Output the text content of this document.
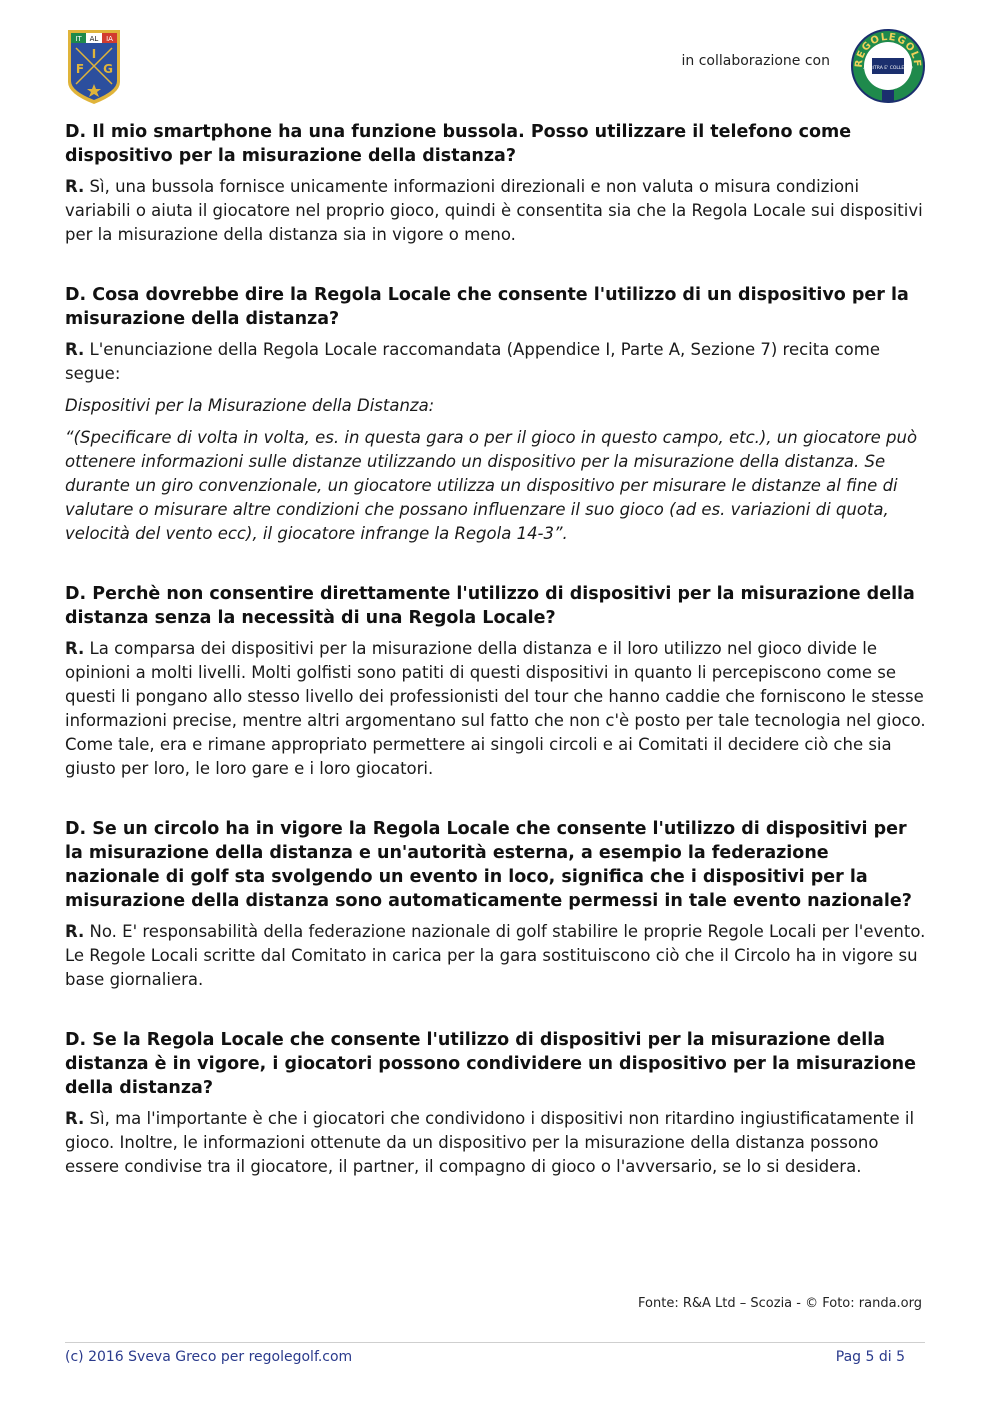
IT AL IA
I
F G	in collaborazione con REGOLEGOLF
ARBITRA E' COLLEGIO

D. Il mio smartphone ha una funzione bussola. Posso utilizzare il telefono come dispositivo per la misurazione della distanza?

R. Sì, una bussola fornisce unicamente informazioni direzionali e non valuta o misura condizioni variabili o aiuta il giocatore nel proprio gioco, quindi è consentita sia che la Regola Locale sui dispositivi per la misurazione della distanza sia in vigore o meno.

D. Cosa dovrebbe dire la Regola Locale che consente l'utilizzo di un dispositivo per la misurazione della distanza?

R. L'enunciazione della Regola Locale raccomandata (Appendice I, Parte A, Sezione 7) recita come segue:

Dispositivi per la Misurazione della Distanza:

“(Specificare di volta in volta, es. in questa gara o per il gioco in questo campo, etc.), un giocatore può ottenere informazioni sulle distanze utilizzando un dispositivo per la misurazione della distanza. Se durante un giro convenzionale, un giocatore utilizza un dispositivo per misurare le distanze al fine di valutare o misurare altre condizioni che possano influenzare il suo gioco (ad es. variazioni di quota, velocità del vento ecc), il giocatore infrange la Regola 14-3”.

D. Perchè non consentire direttamente l'utilizzo di dispositivi per la misurazione della distanza senza la necessità di una Regola Locale?

R. La comparsa dei dispositivi per la misurazione della distanza e il loro utilizzo nel gioco divide le opinioni a molti livelli. Molti golfisti sono patiti di questi dispositivi in quanto li percepiscono come se questi li pongano allo stesso livello dei professionisti del tour che hanno caddie che forniscono le stesse informazioni precise, mentre altri argomentano sul fatto che non c'è posto per tale tecnologia nel gioco. Come tale, era e rimane appropriato permettere ai singoli circoli e ai Comitati il decidere ciò che sia giusto per loro, le loro gare e i loro giocatori.

D. Se un circolo ha in vigore la Regola Locale che consente l'utilizzo di dispositivi per la misurazione della distanza e un'autorità esterna, a esempio la federazione nazionale di golf sta svolgendo un evento in loco, significa che i dispositivi per la misurazione della distanza sono automaticamente permessi in tale evento nazionale?

R. No. E' responsabilità della federazione nazionale di golf stabilire le proprie Regole Locali per l'evento. Le Regole Locali scritte dal Comitato in carica per la gara sostituiscono ciò che il Circolo ha in vigore su base giornaliera.

D. Se la Regola Locale che consente l'utilizzo di dispositivi per la misurazione della distanza è in vigore, i giocatori possono condividere un dispositivo per la misurazione della distanza?

R. Sì, ma l'importante è che i giocatori che condividono i dispositivi non ritardino ingiustificatamente il gioco. Inoltre, le informazioni ottenute da un dispositivo per la misurazione della distanza possono essere condivise tra il giocatore, il partner, il compagno di gioco o l'avversario, se lo si desidera.

Fonte: R&A Ltd – Scozia - © Foto: randa.org
(c) 2016 Sveva Greco per regolegolf.com	Pag 5 di 5
